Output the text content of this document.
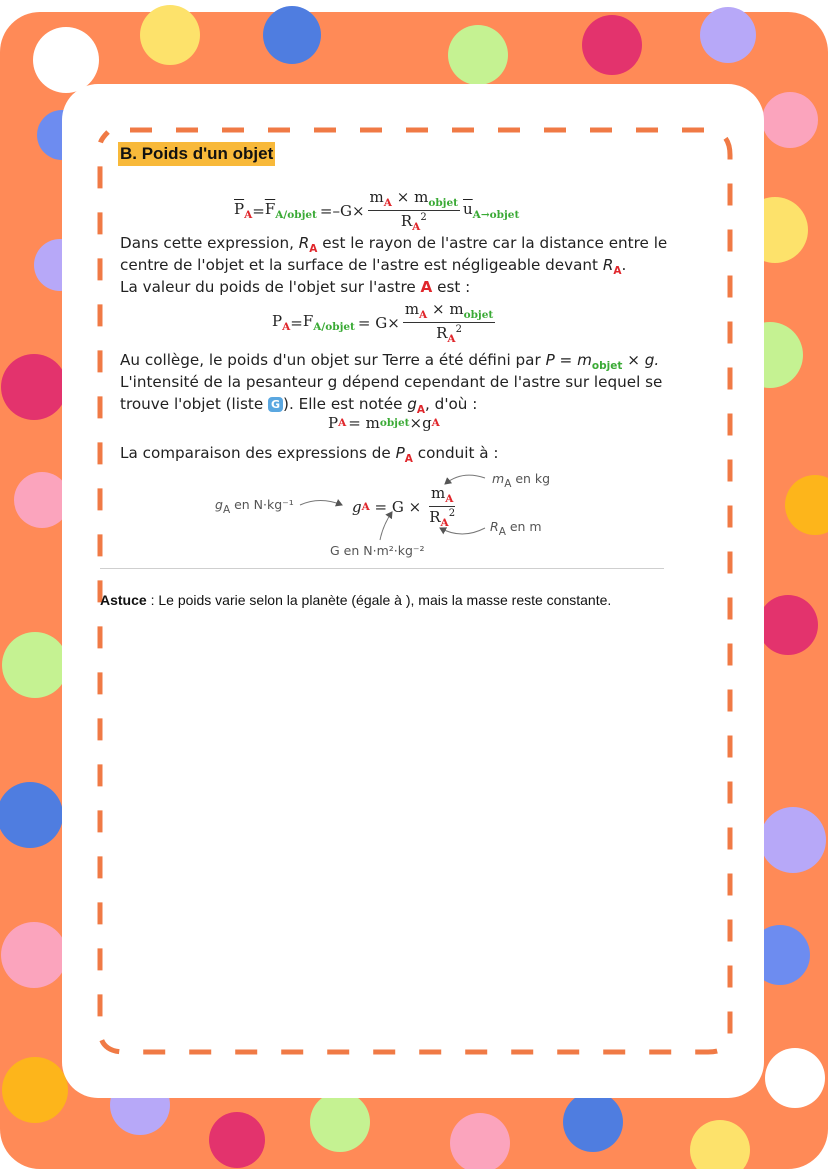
B. Poids d'un objet
$\overline{P}_A = \overline{F}_{A/objet} =-G\times \frac{m_A \times m_{objet}}{R_A^2} \overline{u}_{A\to objet}$
Dans cette expression, $R_A$ est le rayon de l'astre car la distance entre le
centre de l'objet et la surface de l'astre est négligeable devant $R_A$.
La valeur du poids de l'objet sur l'astre A est :
$P_A = F_{A/objet} = G\times \frac{m_A \times m_{objet}}{R_A^2}$
Au collège, le poids d'un objet sur Terre a été défini par $P = m_{objet} \times g$.
L'intensité de la pesanteur g dépend cependant de l'astre sur lequel se
trouve l'objet (liste G ). Elle est notée $g_A$, d'où :
P A = m objet ×g A
La comparaison des expressions de $P_A$ conduit à :
$g_A$ en N·kg⁻¹	g $A = G \times \frac{m_A}{R_A^2}$
$m_A$ en kg
$R_A$ en m
G en N·m²·kg⁻²
Astuce : Le poids varie selon la planète (égale à ), mais la masse reste constante.
